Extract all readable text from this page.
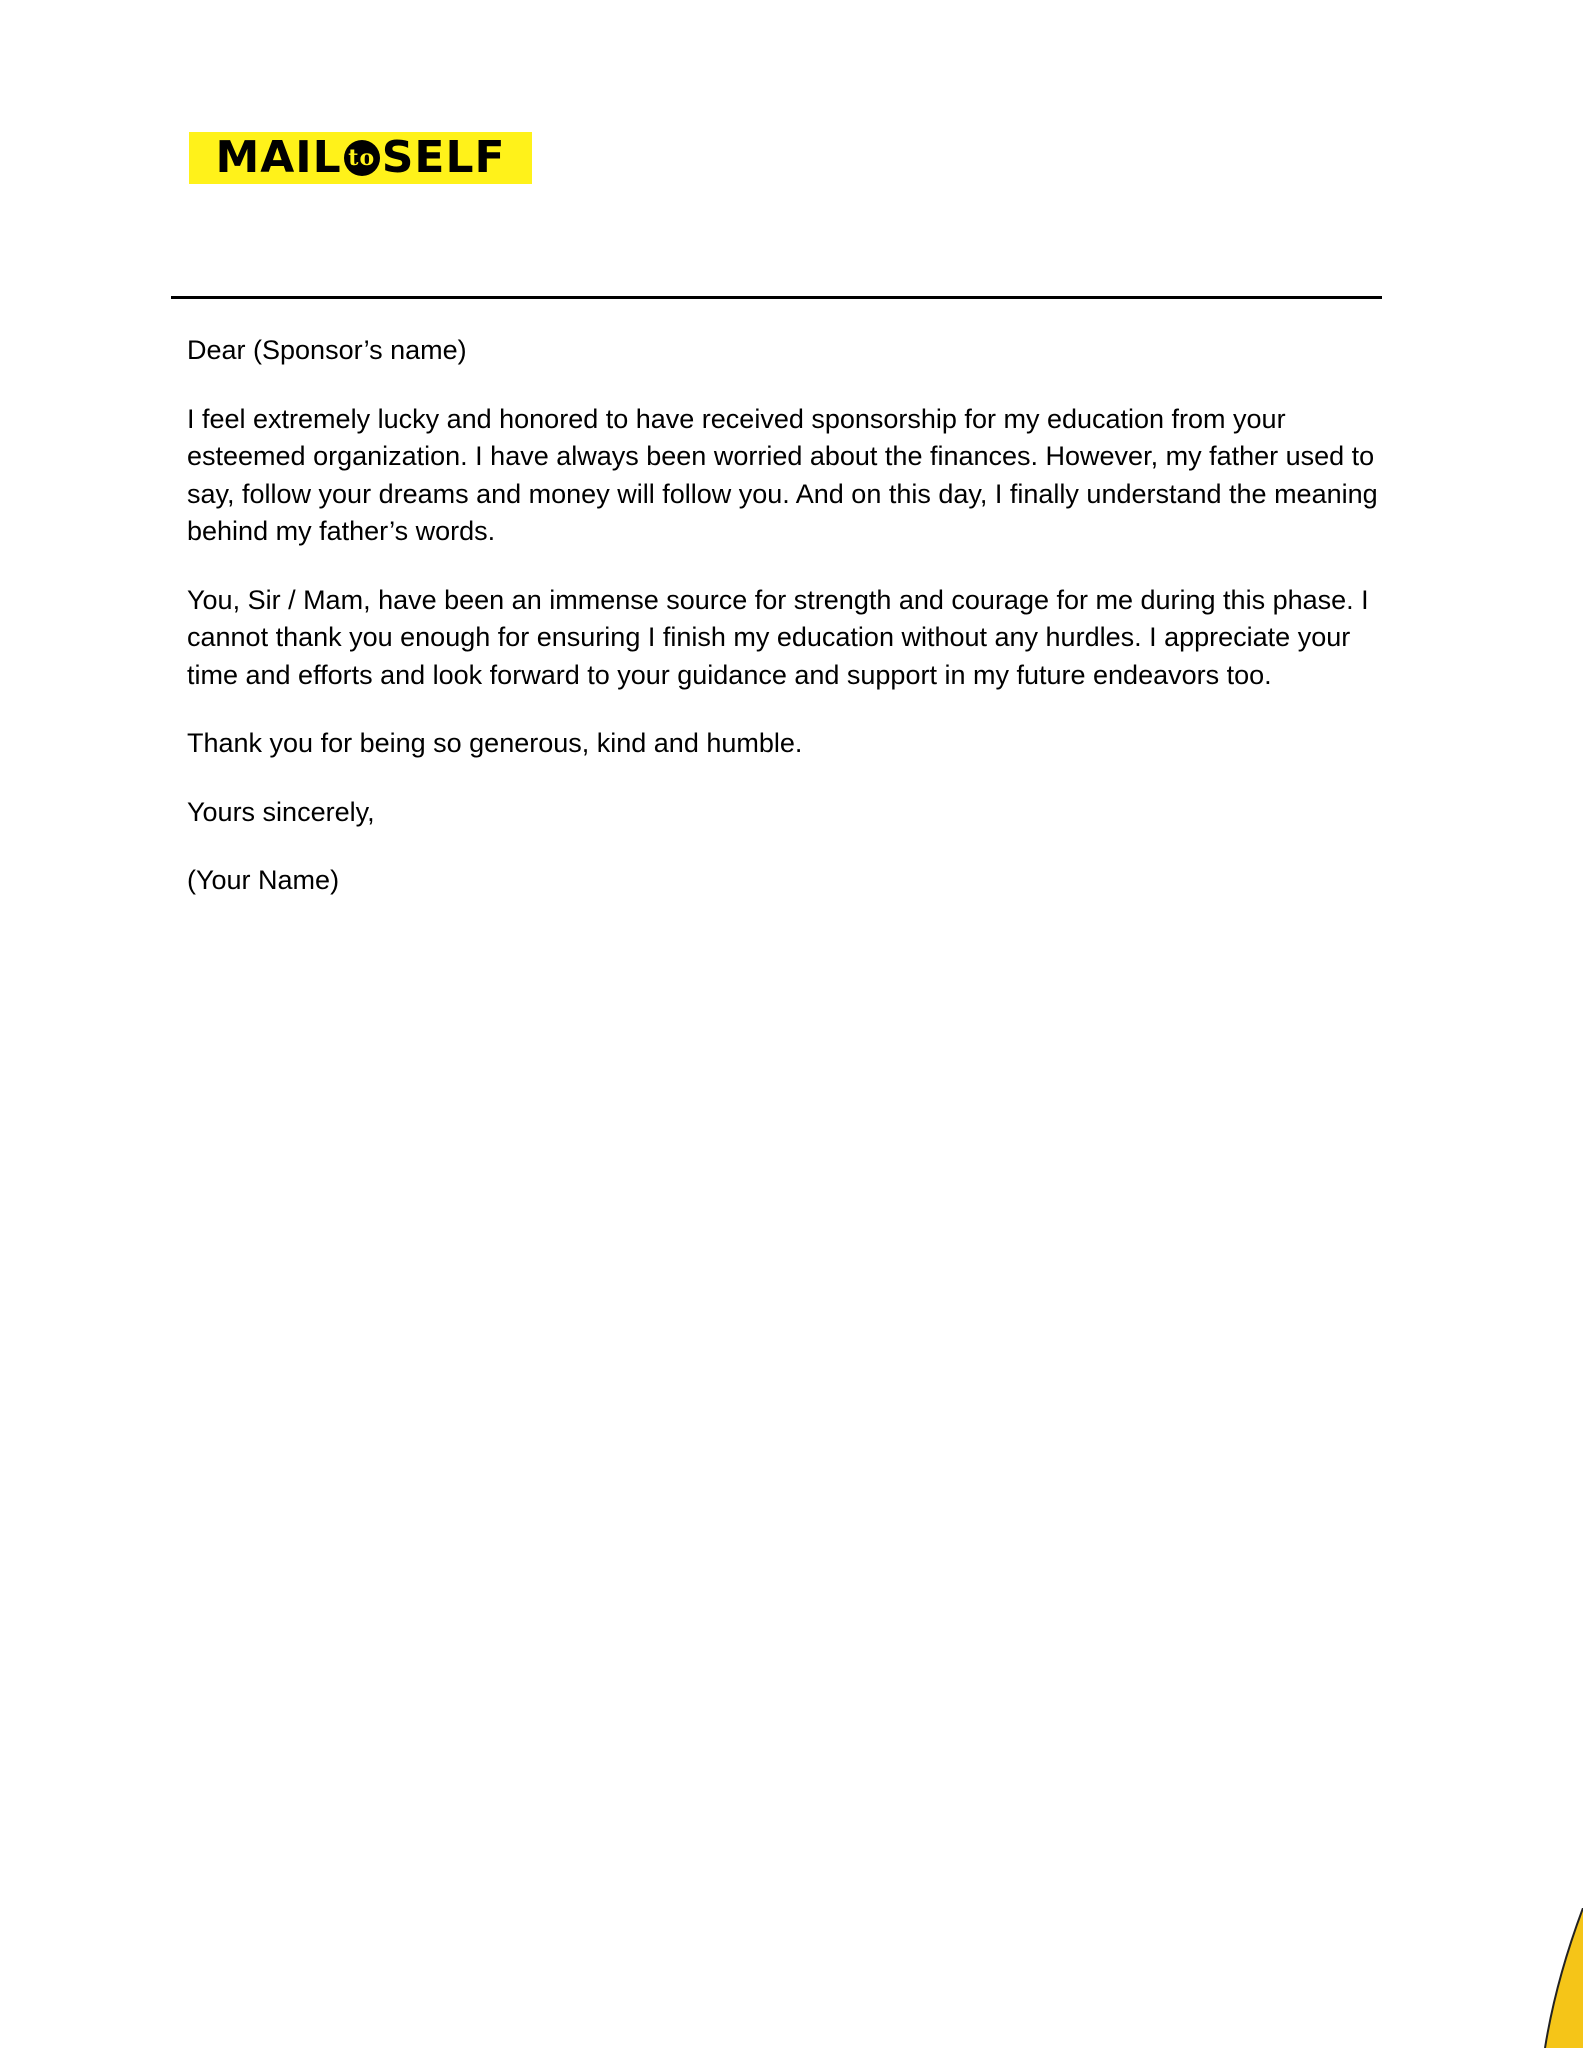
MAIL to SELF

Dear (Sponsor’s name)

I feel extremely lucky and honored to have received sponsorship for my education from your esteemed organization. I have always been worried about the finances. However, my father used to say, follow your dreams and money will follow you. And on this day, I finally understand the meaning behind my father’s words.

You, Sir / Mam, have been an immense source for strength and courage for me during this phase. I cannot thank you enough for ensuring I finish my education without any hurdles. I appreciate your time and efforts and look forward to your guidance and support in my future endeavors too.

Thank you for being so generous, kind and humble.

Yours sincerely,

(Your Name)
